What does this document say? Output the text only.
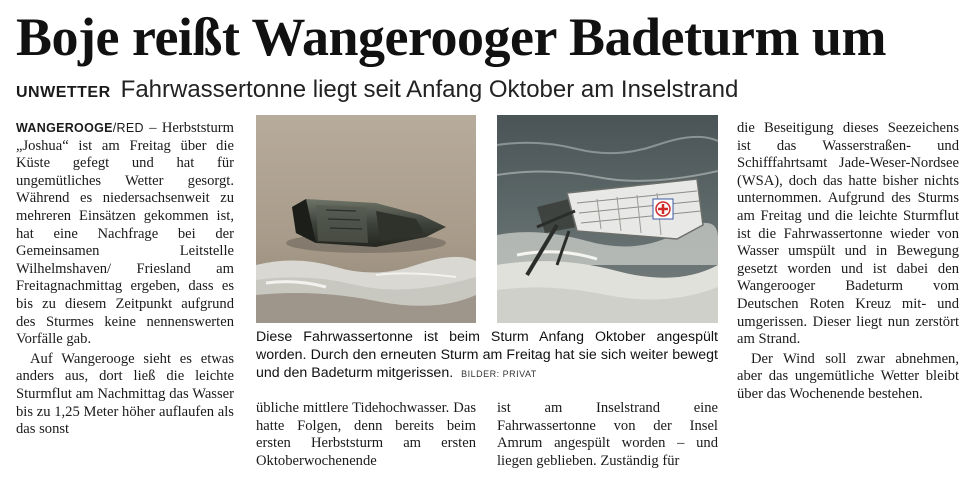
Boje reißt Wangerooger Badeturm um
UNWETTER Fahrwassertonne liegt seit Anfang Oktober am Inselstrand

WANGEROOGE/RED – Herbststurm „Joshua“ ist am Freitag über die Küste gefegt und hat für ungemütliches Wetter gesorgt. Während es niedersachsenweit zu mehreren Einsätzen gekommen ist, hat eine Nachfrage bei der Gemeinsamen Leitstelle Wilhelmshaven/ Friesland am Freitagnachmittag ergeben, dass es bis zu diesem Zeitpunkt aufgrund des Sturmes keine nennenswerten Vorfälle gab.

Auf Wangerooge sieht es etwas anders aus, dort ließ die leichte Sturmflut am Nachmittag das Wasser bis zu 1,25 Meter höher auflaufen als das sonst

Diese Fahrwassertonne ist beim Sturm Anfang Oktober angespült worden. Durch den erneuten Sturm am Freitag hat sie sich weiter bewegt und den Badeturm mitgerissen. BILDER: PRIVAT

übliche mittlere Tidehochwasser. Das hatte Folgen, denn bereits beim ersten Herbststurm am ersten Oktoberwochenende

ist am Inselstrand eine Fahrwassertonne von der Insel Amrum angespült worden – und liegen geblieben. Zuständig für

die Beseitigung dieses Seezeichens ist das Wasserstraßen- und Schifffahrtsamt Jade-Weser-Nordsee (WSA), doch das hatte bisher nichts unternommen. Aufgrund des Sturms am Freitag und die leichte Sturmflut ist die Fahrwassertonne wieder von Wasser umspült und in Bewegung gesetzt worden und ist dabei den Wangerooger Badeturm vom Deutschen Roten Kreuz mit- und umgerissen. Dieser liegt nun zerstört am Strand.

Der Wind soll zwar abnehmen, aber das ungemütliche Wetter bleibt über das Wochenende bestehen.
